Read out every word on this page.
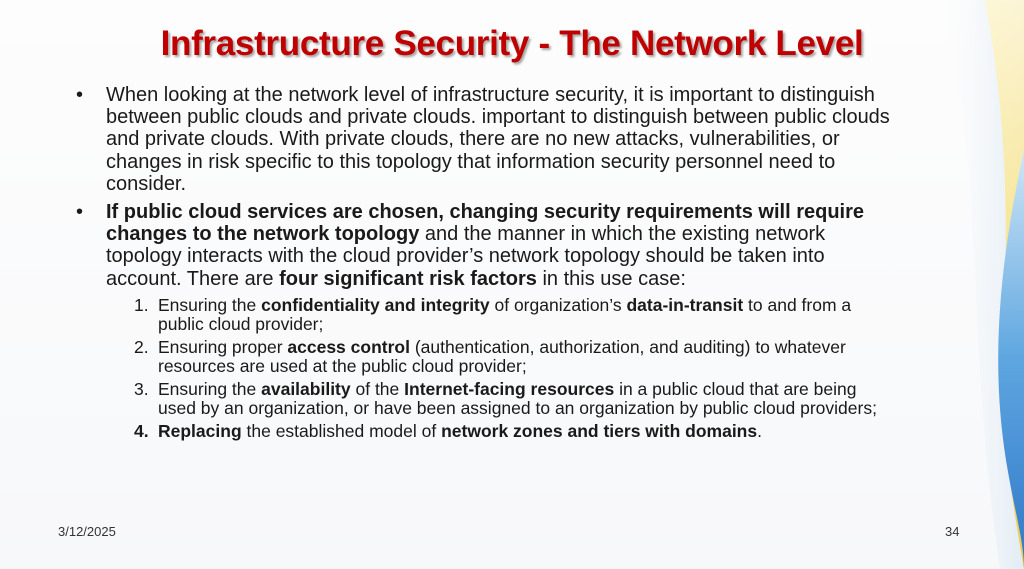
Infrastructure Security - The Network Level
• When looking at the network level of infrastructure security, it is important to distinguish between public clouds and private clouds. important to distinguish between public clouds and private clouds. With private clouds, there are no new attacks, vulnerabilities, or changes in risk specific to this topology that information security personnel need to consider.

• If public cloud services are chosen, changing security requirements will require changes to the network topology and the manner in which the existing network topology interacts with the cloud provider’s network topology should be taken into account. There are four significant risk factors in this use case:

1. Ensuring the confidentiality and integrity of organization’s data-in-transit to and from a public cloud provider;
2. Ensuring proper access control (authentication, authorization, and auditing) to whatever resources are used at the public cloud provider;
3. Ensuring the availability of the Internet-facing resources in a public cloud that are being used by an organization, or have been assigned to an organization by public cloud providers;
4. Replacing the established model of network zones and tiers with domains.
3/12/2025	34
